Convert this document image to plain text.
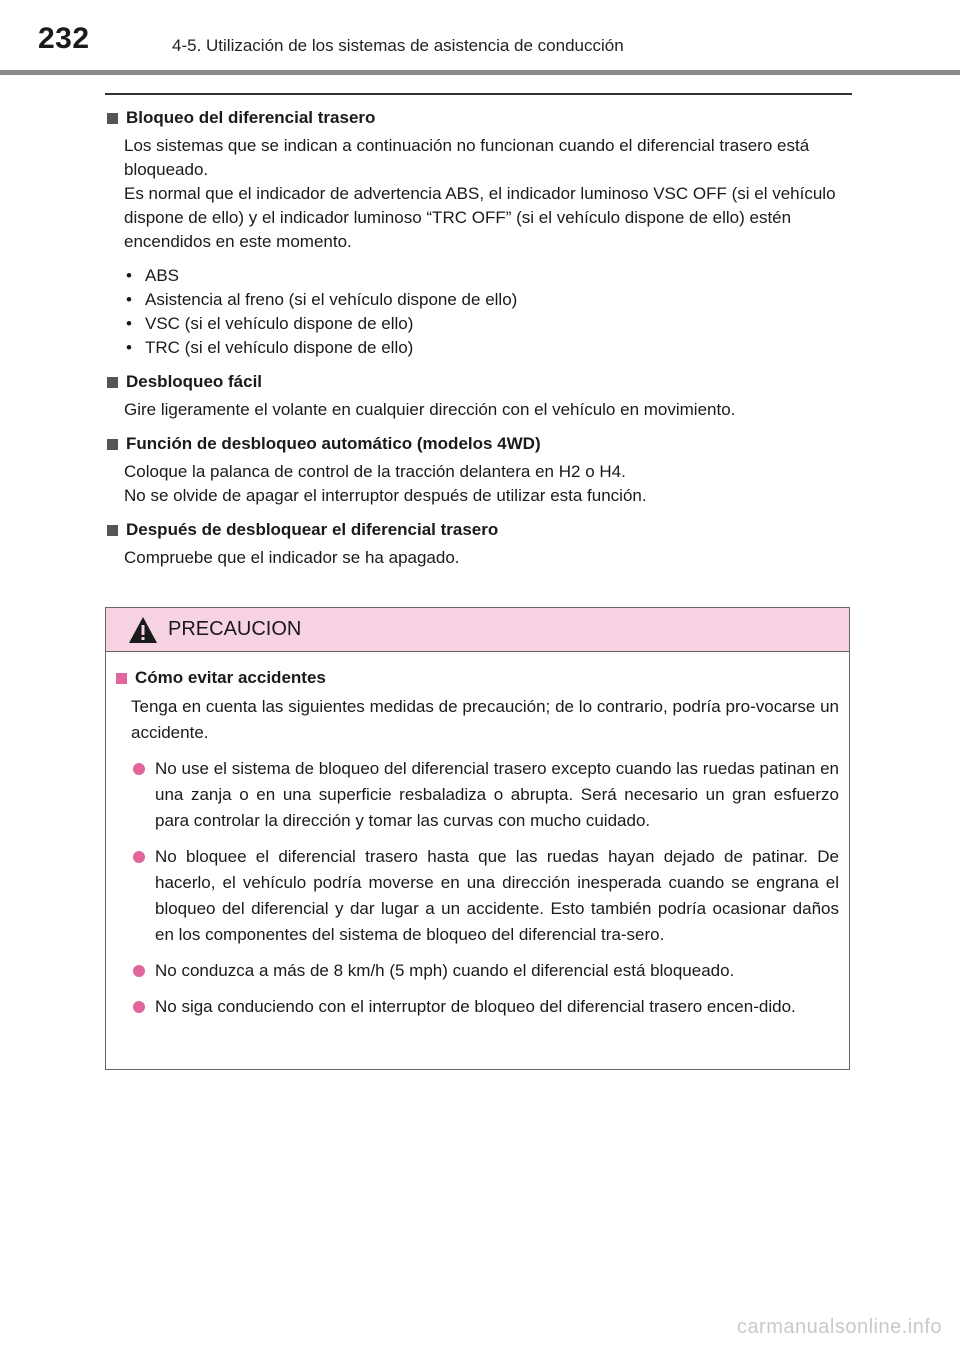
232	4-5. Utilización de los sistemas de asistencia de conducción
Bloqueo del diferencial trasero
Los sistemas que se indican a continuación no funcionan cuando el diferencial trasero está bloqueado.
Es normal que el indicador de advertencia ABS, el indicador luminoso VSC OFF (si el vehículo dispone de ello) y el indicador luminoso “TRC OFF” (si el vehículo dispone de ello) estén encendidos en este momento.
• ABS
• Asistencia al freno (si el vehículo dispone de ello)
• VSC (si el vehículo dispone de ello)
• TRC (si el vehículo dispone de ello)
Desbloqueo fácil
Gire ligeramente el volante en cualquier dirección con el vehículo en movimiento.
Función de desbloqueo automático (modelos 4WD)
Coloque la palanca de control de la tracción delantera en H2 o H4.
No se olvide de apagar el interruptor después de utilizar esta función.
Después de desbloquear el diferencial trasero
Compruebe que el indicador se ha apagado.
PRECAUCION
Cómo evitar accidentes
Tenga en cuenta las siguientes medidas de precaución; de lo contrario, podría pro-vocarse un accidente.
No use el sistema de bloqueo del diferencial trasero excepto cuando las ruedas patinan en una zanja o en una superficie resbaladiza o abrupta. Será necesario un gran esfuerzo para controlar la dirección y tomar las curvas con mucho cuidado.
No bloquee el diferencial trasero hasta que las ruedas hayan dejado de patinar. De hacerlo, el vehículo podría moverse en una dirección inesperada cuando se engrana el bloqueo del diferencial y dar lugar a un accidente. Esto también podría ocasionar daños en los componentes del sistema de bloqueo del diferencial tra-sero.
No conduzca a más de 8 km/h (5 mph) cuando el diferencial está bloqueado.
No siga conduciendo con el interruptor de bloqueo del diferencial trasero encen-dido.
carmanualsonline.info
